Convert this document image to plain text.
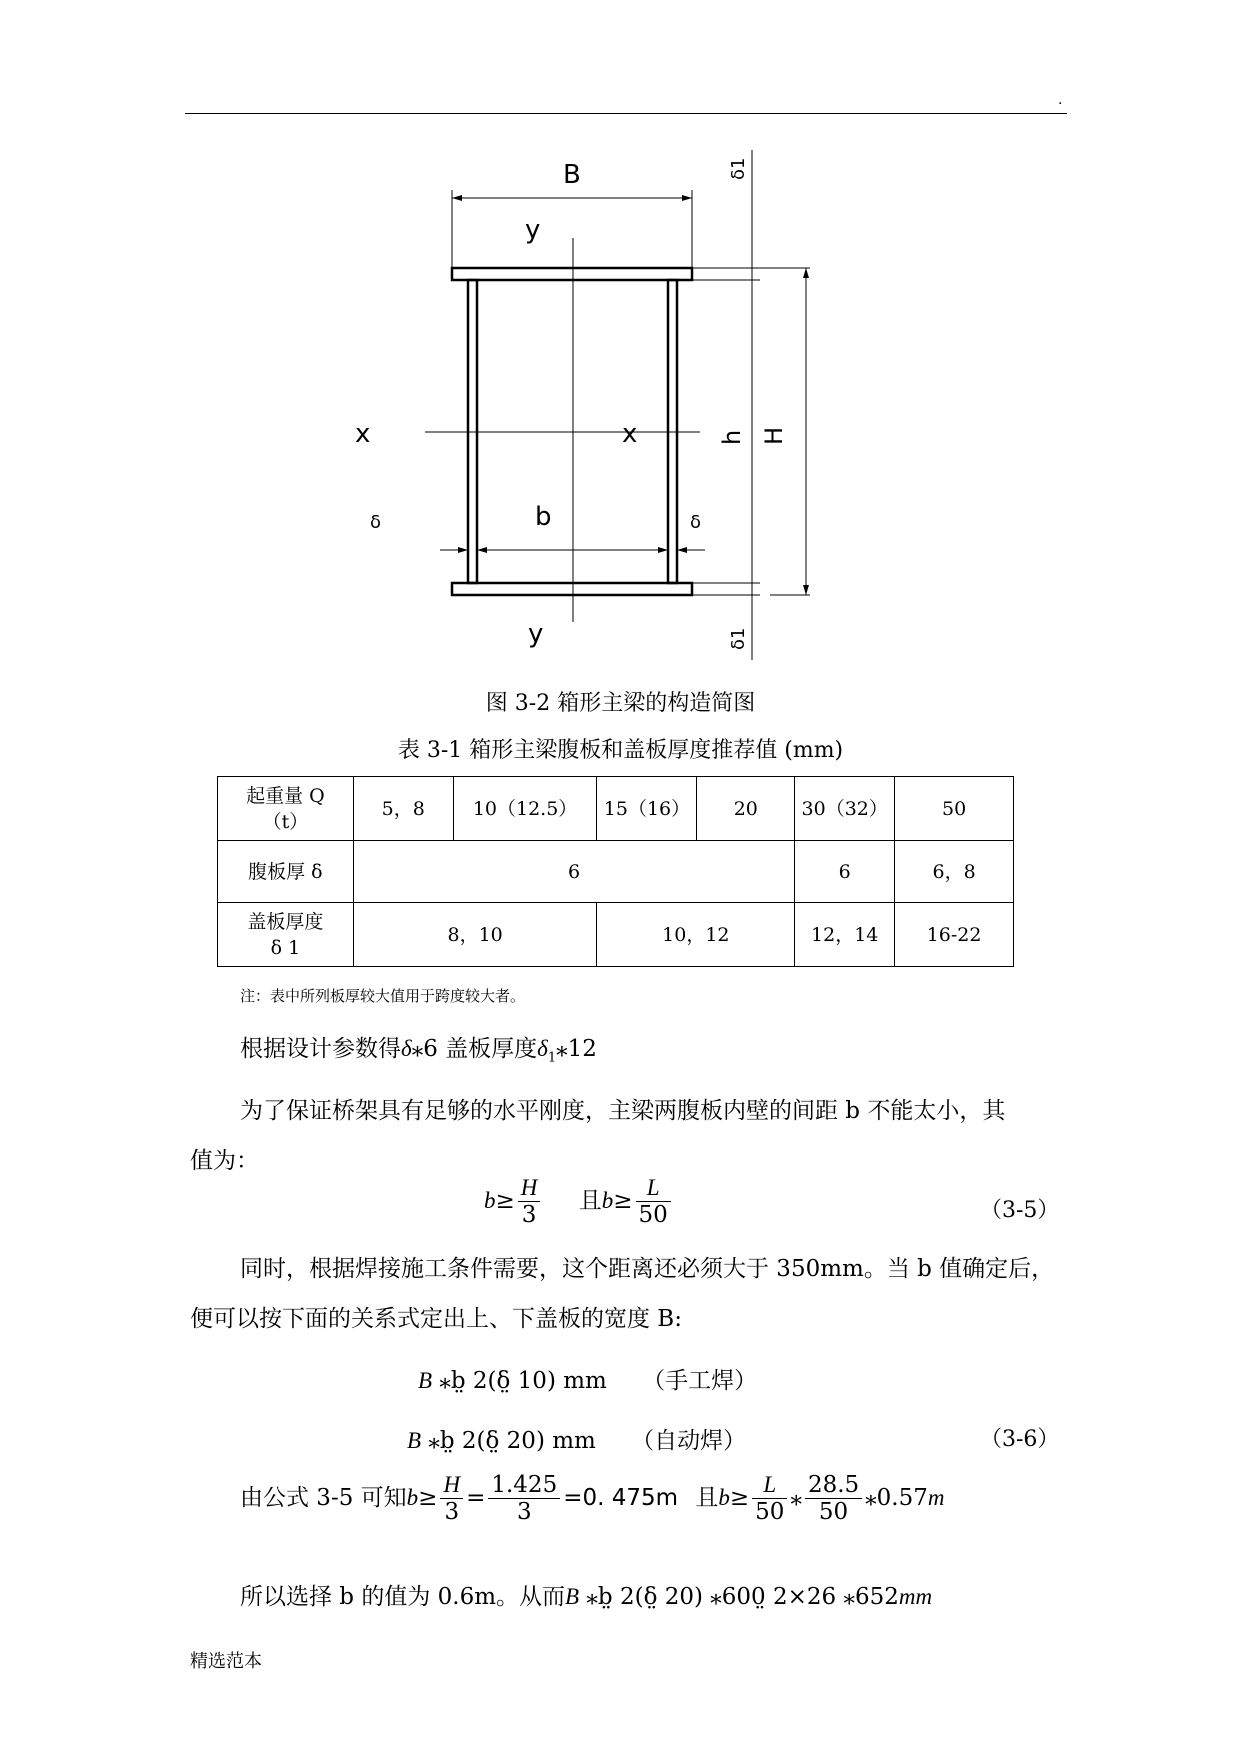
.
B
y
y
x	x
b
δ	δ
δ1
δ1
h H
图 3-2 箱形主梁的构造简图
表 3-1 箱形主梁腹板和盖板厚度推荐值 (mm)
起重量 Q
（t）	5，8	10（12.5）	15（16）	20	30（32）	50
腹板厚 δ	6				6	6，8
盖板厚度
δ 1	8，10		10，12		12，14	16-22
注：表中所列板厚较大值用于跨度较大者。
根据设计参数得δ⁎6 盖板厚度$\delta_1⁎12$
为了保证桥架具有足够的水平刚度，主梁两腹板内壁的间距 b 不能太小，其
值为：
$b\ge \frac{H}{3}$ 且$b\ge \frac{L}{50}$	（3-5）
同时，根据焊接施工条件需要，这个距离还必须大于 350mm。当 b 值确定后，
便可以按下面的关系式定出上、下盖板的宽度 B:
B ⁎b̤ 2(δ̤ 10) mm （手工焊）
B ⁎b̤ 2(δ̤ 20) mm （自动焊）	（3-6）
由公式 3-5 可知$b\ge \frac{H}{3} = \frac{1.425}{3} =0$. 475m 且$b\ge \frac{L}{50}$ ⁎ $\frac{28.5}{50}$ ⁎0.57m
所以选择 b 的值为 0.6m。从而B ⁎b̤ 2(δ̤ 20) ⁎600̤ 2×26 ⁎652mm
精选范本
